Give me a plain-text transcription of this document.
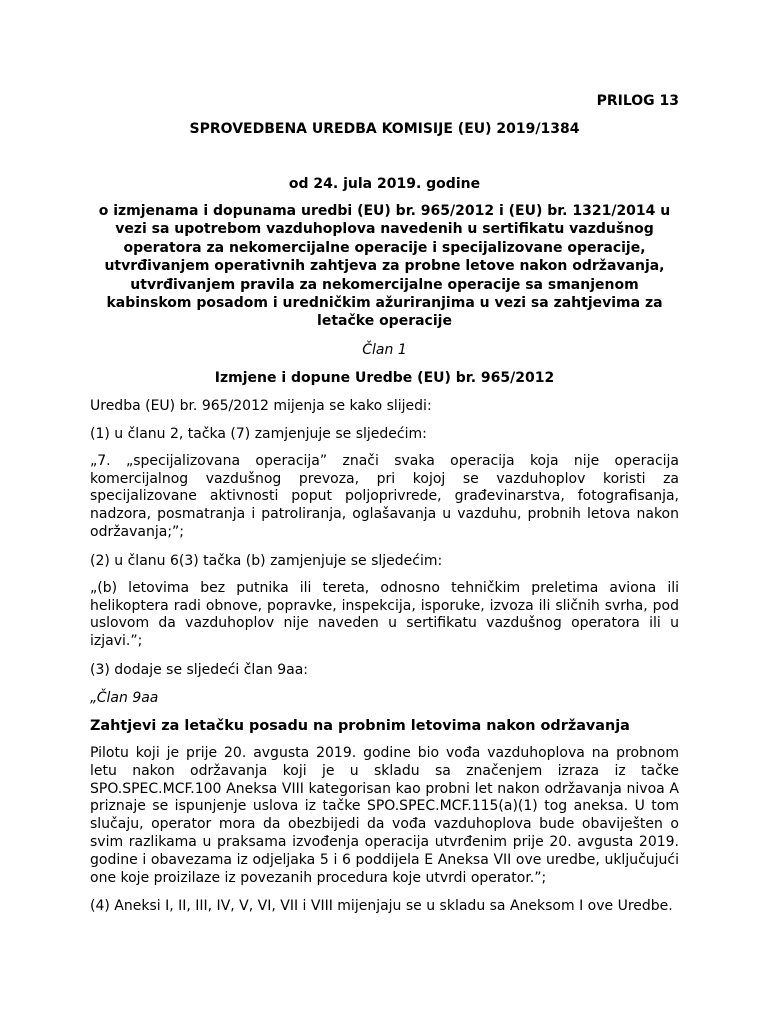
PRILOG 13

SPROVEDBENA UREDBA KOMISIJE (EU) 2019/1384

od 24. jula 2019. godine

o izmjenama i dopunama uredbi (EU) br. 965/2012 i (EU) br. 1321/2014 u vezi sa upotrebom vazduhoplova navedenih u sertifikatu vazdušnog operatora za nekomercijalne operacije i specijalizovane operacije, utvrđivanjem operativnih zahtjeva za probne letove nakon održavanja, utvrđivanjem pravila za nekomercijalne operacije sa smanjenom kabinskom posadom i uredničkim ažuriranjima u vezi sa zahtjevima za letačke operacije

Član 1

Izmjene i dopune Uredbe (EU) br. 965/2012

Uredba (EU) br. 965/2012 mijenja se kako slijedi:

(1) u članu 2, tačka (7) zamjenjuje se sljedećim:

„7. „specijalizovana operacija” znači svaka operacija koja nije operacija komercijalnog vazdušnog prevoza, pri kojoj se vazduhoplov koristi za specijalizovane aktivnosti poput poljoprivrede, građevinarstva, fotografisanja, nadzora, posmatranja i patroliranja, oglašavanja u vazduhu, probnih letova nakon održavanja;”;

(2) u članu 6(3) tačka (b) zamjenjuje se sljedećim:

„(b) letovima bez putnika ili tereta, odnosno tehničkim preletima aviona ili helikoptera radi obnove, popravke, inspekcija, isporuke, izvoza ili sličnih svrha, pod uslovom da vazduhoplov nije naveden u sertifikatu vazdušnog operatora ili u izjavi.”;

(3) dodaje se sljedeći član 9aa:

„Član 9aa

Zahtjevi za letačku posadu na probnim letovima nakon održavanja

Pilotu koji je prije 20. avgusta 2019. godine bio vođa vazduhoplova na probnom letu nakon održavanja koji je u skladu sa značenjem izraza iz tačke SPO.SPEC.MCF.100 Aneksa VIII kategorisan kao probni let nakon održavanja nivoa A priznaje se ispunjenje uslova iz tačke SPO.SPEC.MCF.115(a)(1) tog aneksa. U tom slučaju, operator mora da obezbijedi da vođa vazduhoplova bude obaviješten o svim razlikama u praksama izvođenja operacija utvrđenim prije 20. avgusta 2019. godine i obavezama iz odjeljaka 5 i 6 poddijela E Aneksa VII ove uredbe, uključujući one koje proizilaze iz povezanih procedura koje utvrdi operator.”;

(4) Aneksi I, II, III, IV, V, VI, VII i VIII mijenjaju se u skladu sa Aneksom I ove Uredbe.
